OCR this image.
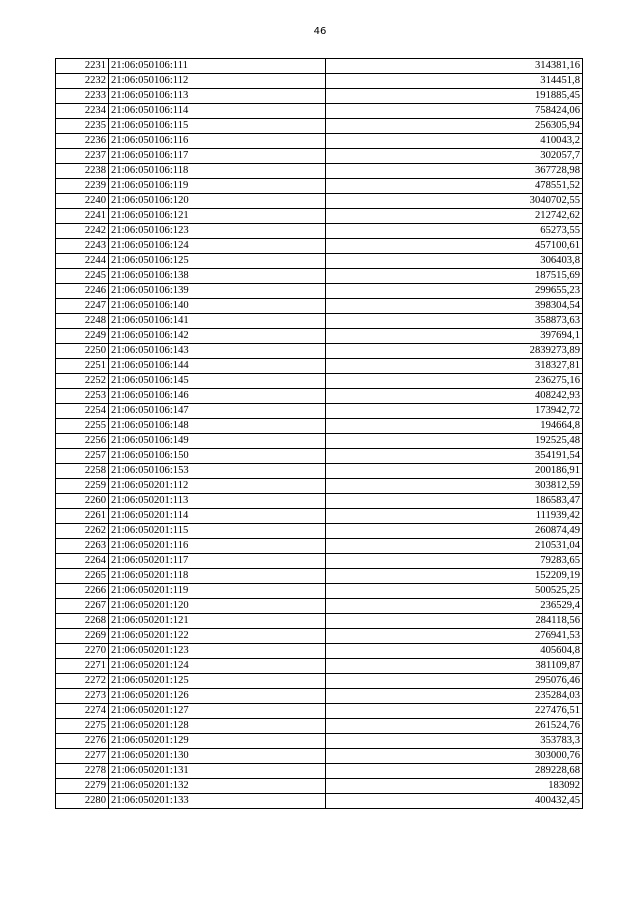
46
2231	21:06:050106:111	314381,16
2232	21:06:050106:112	314451,8
2233	21:06:050106:113	191885,45
2234	21:06:050106:114	758424,06
2235	21:06:050106:115	256305,94
2236	21:06:050106:116	410043,2
2237	21:06:050106:117	302057,7
2238	21:06:050106:118	367728,98
2239	21:06:050106:119	478551,52
2240	21:06:050106:120	3040702,55
2241	21:06:050106:121	212742,62
2242	21:06:050106:123	65273,55
2243	21:06:050106:124	457100,61
2244	21:06:050106:125	306403,8
2245	21:06:050106:138	187515,69
2246	21:06:050106:139	299655,23
2247	21:06:050106:140	398304,54
2248	21:06:050106:141	358873,63
2249	21:06:050106:142	397694,1
2250	21:06:050106:143	2839273,89
2251	21:06:050106:144	318327,81
2252	21:06:050106:145	236275,16
2253	21:06:050106:146	408242,93
2254	21:06:050106:147	173942,72
2255	21:06:050106:148	194664,8
2256	21:06:050106:149	192525,48
2257	21:06:050106:150	354191,54
2258	21:06:050106:153	200186,91
2259	21:06:050201:112	303812,59
2260	21:06:050201:113	186583,47
2261	21:06:050201:114	111939,42
2262	21:06:050201:115	260874,49
2263	21:06:050201:116	210531,04
2264	21:06:050201:117	79283,65
2265	21:06:050201:118	152209,19
2266	21:06:050201:119	500525,25
2267	21:06:050201:120	236529,4
2268	21:06:050201:121	284118,56
2269	21:06:050201:122	276941,53
2270	21:06:050201:123	405604,8
2271	21:06:050201:124	381109,87
2272	21:06:050201:125	295076,46
2273	21:06:050201:126	235284,03
2274	21:06:050201:127	227476,51
2275	21:06:050201:128	261524,76
2276	21:06:050201:129	353783,3
2277	21:06:050201:130	303000,76
2278	21:06:050201:131	289228,68
2279	21:06:050201:132	183092
2280	21:06:050201:133	400432,45
